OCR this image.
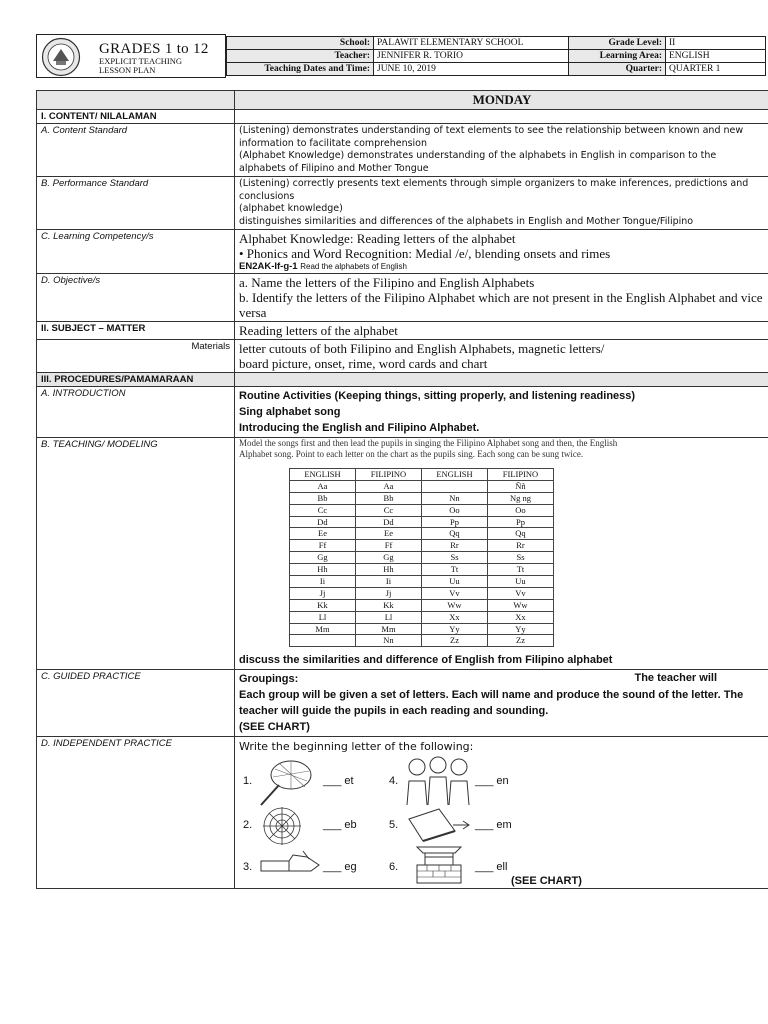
GRADES 1 to 12
EXPLICIT TEACHING
LESSON PLAN
School:	PALAWIT ELEMENTARY SCHOOL	Grade Level:	II
Teacher:	JENNIFER R. TORIO	Learning Area:	ENGLISH
Teaching Dates and Time:	JUNE 10, 2019	Quarter:	QUARTER 1
	MONDAY
I. CONTENT/ NILALAMAN	
A. Content Standard	(Listening) demonstrates understanding of text elements to see the relationship between known and new information to facilitate comprehension
(Alphabet Knowledge) demonstrates understanding of the alphabets in English in comparison to the alphabets of Filipino and Mother Tongue

B. Performance Standard	(Listening) correctly presents text elements through simple organizers to make inferences, predictions and conclusions
(alphabet knowledge)
distinguishes similarities and differences of the alphabets in English and Mother Tongue/Filipino

C. Learning Competency/s	Alphabet Knowledge: Reading letters of the alphabet
• Phonics and Word Recognition: Medial /e/, blending onsets and rimes
EN2AK-If-g-1 Read the alphabets of English

D. Objective/s	a. Name the letters of the Filipino and English Alphabets
b. Identify the letters of the Filipino Alphabet which are not present in the English Alphabet and vice versa

II. SUBJECT – MATTER	Reading letters of the alphabet
Materials	letter cutouts of both Filipino and English Alphabets, magnetic letters/
board picture, onset, rime, word cards and chart

III. PROCEDURES/PAMAMARAAN	
A. INTRODUCTION	Routine Activities (Keeping things, sitting properly, and listening readiness)
Sing alphabet song
Introducing the English and Filipino Alphabet.

B. TEACHING/ MODELING	Model the songs first and then lead the pupils in singing the Filipino Alphabet song and then, the English Alphabet song. Point to each letter on the chart as the pupils sing. Each song can be sung twice.
ENGLISH	FILIPINO	ENGLISH	FILIPINO
Aa	Aa		Ññ
Bb	Bb	Nn	Ng ng
Cc	Cc	Oo	Oo
Dd	Dd	Pp	Pp
Ee	Ee	Qq	Qq
Ff	Ff	Rr	Rr
Gg	Gg	Ss	Ss
Hh	Hh	Tt	Tt
Ii	Ii	Uu	Uu
Jj	Jj	Vv	Vv
Kk	Kk	Ww	Ww
Ll	Ll	Xx	Xx
Mm	Mm	Yy	Yy
	Nn	Zz	Zz
The teacher will
discuss the similarities and difference of English from Filipino alphabet

C. GUIDED PRACTICE	Groupings:
Each group will be given a set of letters. Each will name and produce the sound of the letter. The teacher will guide the pupils in each reading and sounding.
(SEE CHART)

D. INDEPENDENT PRACTICE	Write the beginning letter of the following:
1.	___ et	4.	___ en
2.	___ eb	5.	___ em
3.	___ eg	6.	___ ell
(SEE CHART)
